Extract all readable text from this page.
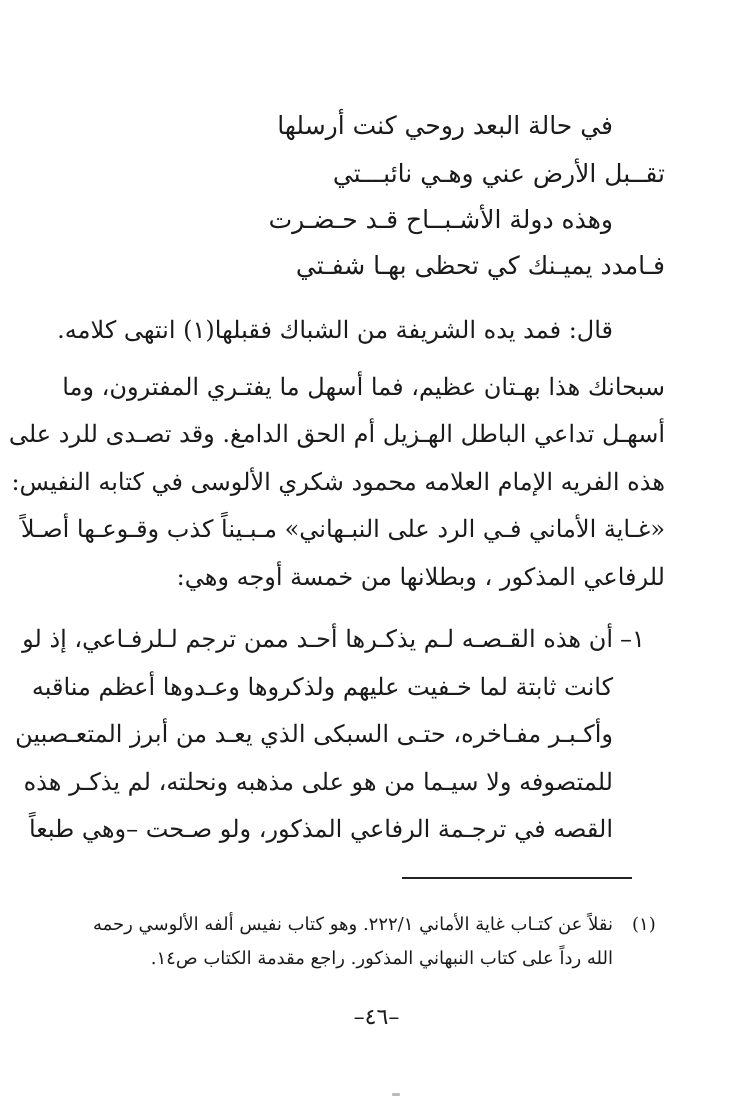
في حالة البعد روحي كنت أرسلها
تقــبل الأرض عني وهـي نائبـــتي
وهذه دولة الأشـبــاح قـد حـضـرت
فـامدد يميـنك كي تحظى بهـا شفـتي
قال: فمد يده الشريفة من الشباك فقبلها(١) انتهى كلامه.
سبحانك هذا بهـتان عظيم، فما أسهل ما يفتـري المفترون، وما
أسهـل تداعي الباطل الهـزيل أم الحق الدامغ. وقد تصـدى للرد على
هذه الفريه الإمام العلامه محمود شكري الألوسى في كتابه النفيس:
«غـاية الأماني فـي الرد على النبـهاني» مـبـيناً كذب وقـوعـها أصـلاً
للرفاعي المذكور ، وبطلانها من خمسة أوجه وهي:
١–
أن هذه القـصـه لـم يذكـرها أحـد ممن ترجم لـلرفـاعي، إذ لو
كانت ثابتة لما خـفيت عليهم ولذكروها وعـدوها أعظم مناقبه
وأكـبـر مفـاخره، حتـى السبكى الذي يعـد من أبرز المتعـصبين
للمتصوفه ولا سيـما من هو على مذهبه ونحلته، لم يذكـر هذه
القصه في ترجـمة الرفاعي المذكور، ولو صـحت –وهي طبعاً
(١)
نقلاً عن كتـاب غاية الأماني ٢٢٢/١. وهو كتاب نفيس ألفه الألوسي رحمه
الله رداً على كتاب النبهاني المذكور. راجع مقدمة الكتاب ص١٤.
–٤٦–
